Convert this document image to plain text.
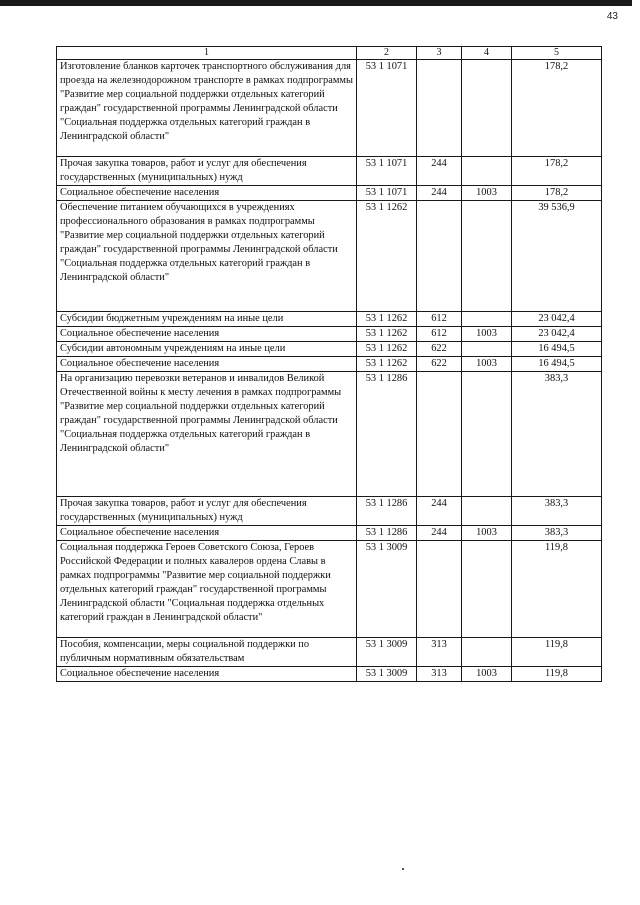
43
1	2	3	4	5
Изготовление бланков карточек транспортного обслуживания для проезда на железнодорожном транспорте в рамках подпрограммы "Развитие мер социальной поддержки отдельных категорий граждан" государственной программы Ленинградской области "Социальная поддержка отдельных категорий граждан в Ленинградской области"	53 1 1071			178,2
Прочая закупка товаров, работ и услуг для обеспечения государственных (муниципальных) нужд	53 1 1071	244		178,2
Социальное обеспечение населения	53 1 1071	244	1003	178,2
Обеспечение питанием обучающихся в учреждениях профессионального образования в рамках подпрограммы "Развитие мер социальной поддержки отдельных категорий граждан" государственной программы Ленинградской области "Социальная поддержка отдельных категорий граждан в Ленинградской области"	53 1 1262			39 536,9
Субсидии бюджетным учреждениям на иные цели	53 1 1262	612		23 042,4
Социальное обеспечение населения	53 1 1262	612	1003	23 042,4
Субсидии автономным учреждениям на иные цели	53 1 1262	622		16 494,5
Социальное обеспечение населения	53 1 1262	622	1003	16 494,5
На организацию перевозки ветеранов и инвалидов Великой Отечественной войны к месту лечения в рамках подпрограммы "Развитие мер социальной поддержки отдельных категорий граждан" государственной программы Ленинградской области "Социальная поддержка отдельных категорий граждан в Ленинградской области"	53 1 1286			383,3
Прочая закупка товаров, работ и услуг для обеспечения государственных (муниципальных) нужд	53 1 1286	244		383,3
Социальное обеспечение населения	53 1 1286	244	1003	383,3
Социальная поддержка Героев Советского Союза, Героев Российской Федерации и полных кавалеров ордена Славы в рамках подпрограммы "Развитие мер социальной поддержки отдельных категорий граждан" государственной программы Ленинградской области "Социальная поддержка отдельных категорий граждан в Ленинградской области"	53 1 3009			119,8
Пособия, компенсации, меры социальной поддержки по публичным нормативным обязательствам	53 1 3009	313		119,8
Социальное обеспечение населения	53 1 3009	313	1003	119,8
